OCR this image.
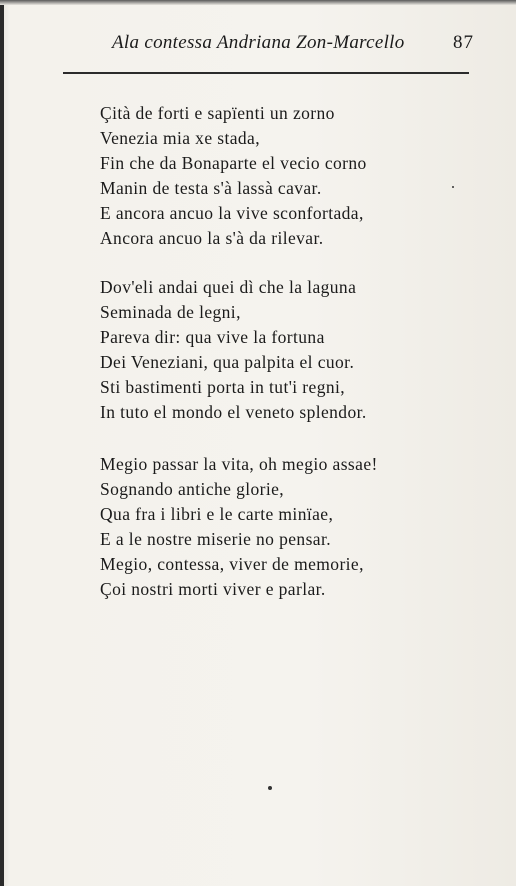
Ala contessa Andriana Zon-Marcello	87
Çità de forti e sapïenti un zorno
Venezia mia xe stada,
Fin che da Bonaparte el vecio corno
Manin de testa s'à lassà cavar.
E ancora ancuo la vive sconfortada,
Ancora ancuo la s'à da rilevar.
Dov'eli andai quei dì che la laguna
Seminada de legni,
Pareva dir: qua vive la fortuna
Dei Veneziani, qua palpita el cuor.
Sti bastimenti porta in tut'i regni,
In tuto el mondo el veneto splendor.
Megio passar la vita, oh megio assae!
Sognando antiche glorie,
Qua fra i libri e le carte minïae,
E a le nostre miserie no pensar.
Megio, contessa, viver de memorie,
Çoi nostri morti viver e parlar.
